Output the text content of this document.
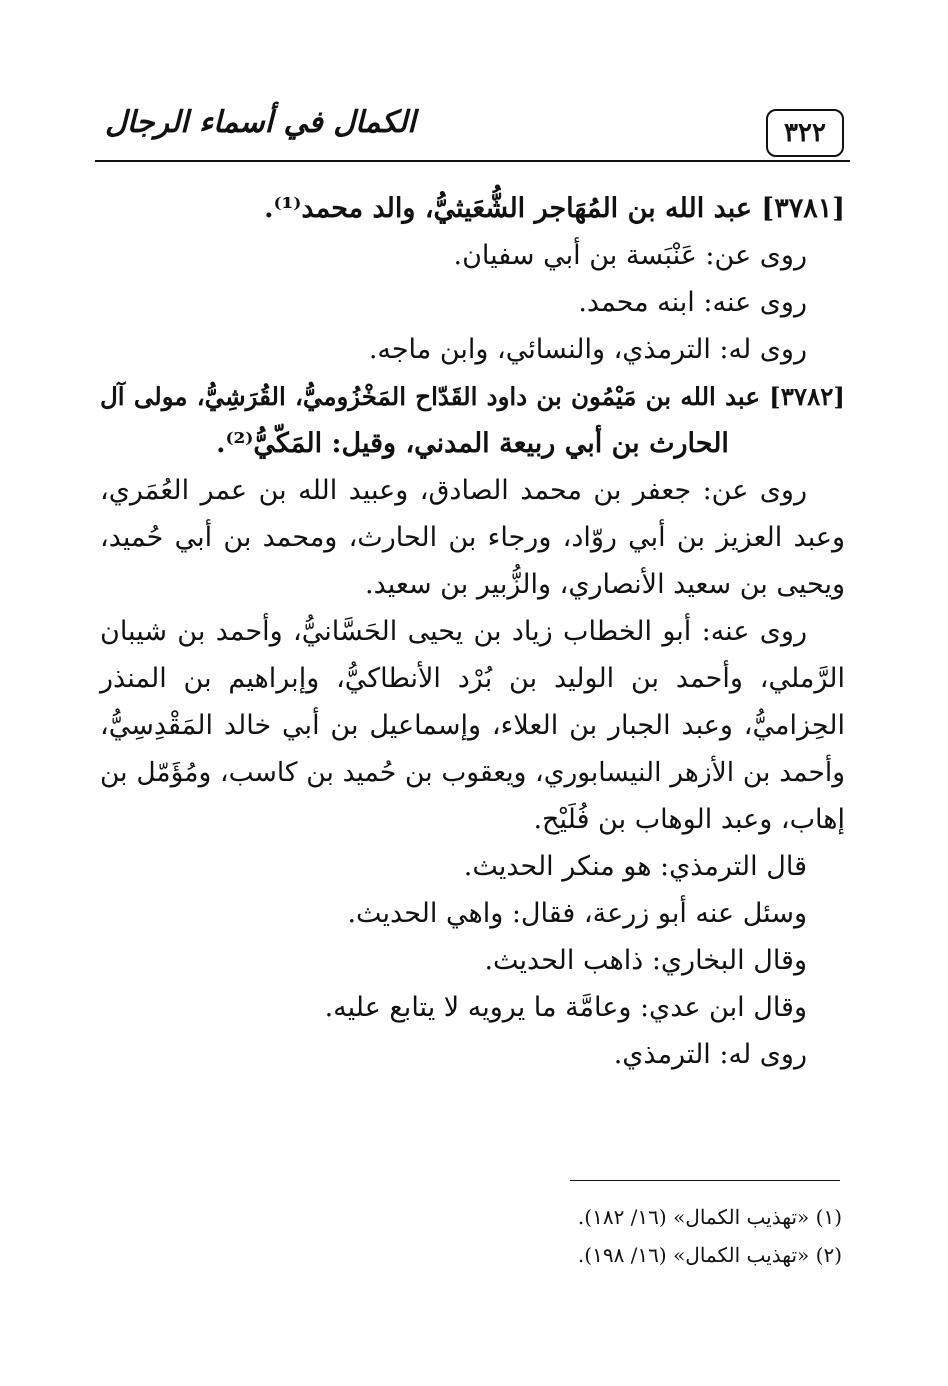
الكمال في أسماء الرجال	٣٢٢
[٣٧٨١] عبد الله بن المُهَاجر الشُّعَيثيُّ، والد محمد⁽¹⁾.
روى عن: عَنْبَسة بن أبي سفيان.
روى عنه: ابنه محمد.
روى له: الترمذي، والنسائي، وابن ماجه.
[٣٧٨٢] عبد الله بن مَيْمُون بن داود القَدّاح المَخْزُوميُّ، القُرَشِيُّ، مولى آل
الحارث بن أبي ربيعة المدني، وقيل: المَكّيُّ⁽²⁾.
روى عن: جعفر بن محمد الصادق، وعبيد الله بن عمر العُمَري،
وعبد العزيز بن أبي روّاد، ورجاء بن الحارث، ومحمد بن أبي حُميد،
ويحيى بن سعيد الأنصاري، والزُّبير بن سعيد.
روى عنه: أبو الخطاب زياد بن يحيى الحَسَّانيُّ، وأحمد بن شيبان
الرَّملي، وأحمد بن الوليد بن بُرْد الأنطاكيُّ، وإبراهيم بن المنذر
الحِزاميُّ، وعبد الجبار بن العلاء، وإسماعيل بن أبي خالد المَقْدِسِيُّ،
وأحمد بن الأزهر النيسابوري، ويعقوب بن حُميد بن كاسب، ومُؤَمّل بن
إهاب، وعبد الوهاب بن فُلَيْح.
قال الترمذي: هو منكر الحديث.
وسئل عنه أبو زرعة، فقال: واهي الحديث.
وقال البخاري: ذاهب الحديث.
وقال ابن عدي: وعامَّة ما يرويه لا يتابع عليه.
روى له: الترمذي.
(١) «تهذيب الكمال» (١٦/ ١٨٢).
(٢) «تهذيب الكمال» (١٦/ ١٩٨).
